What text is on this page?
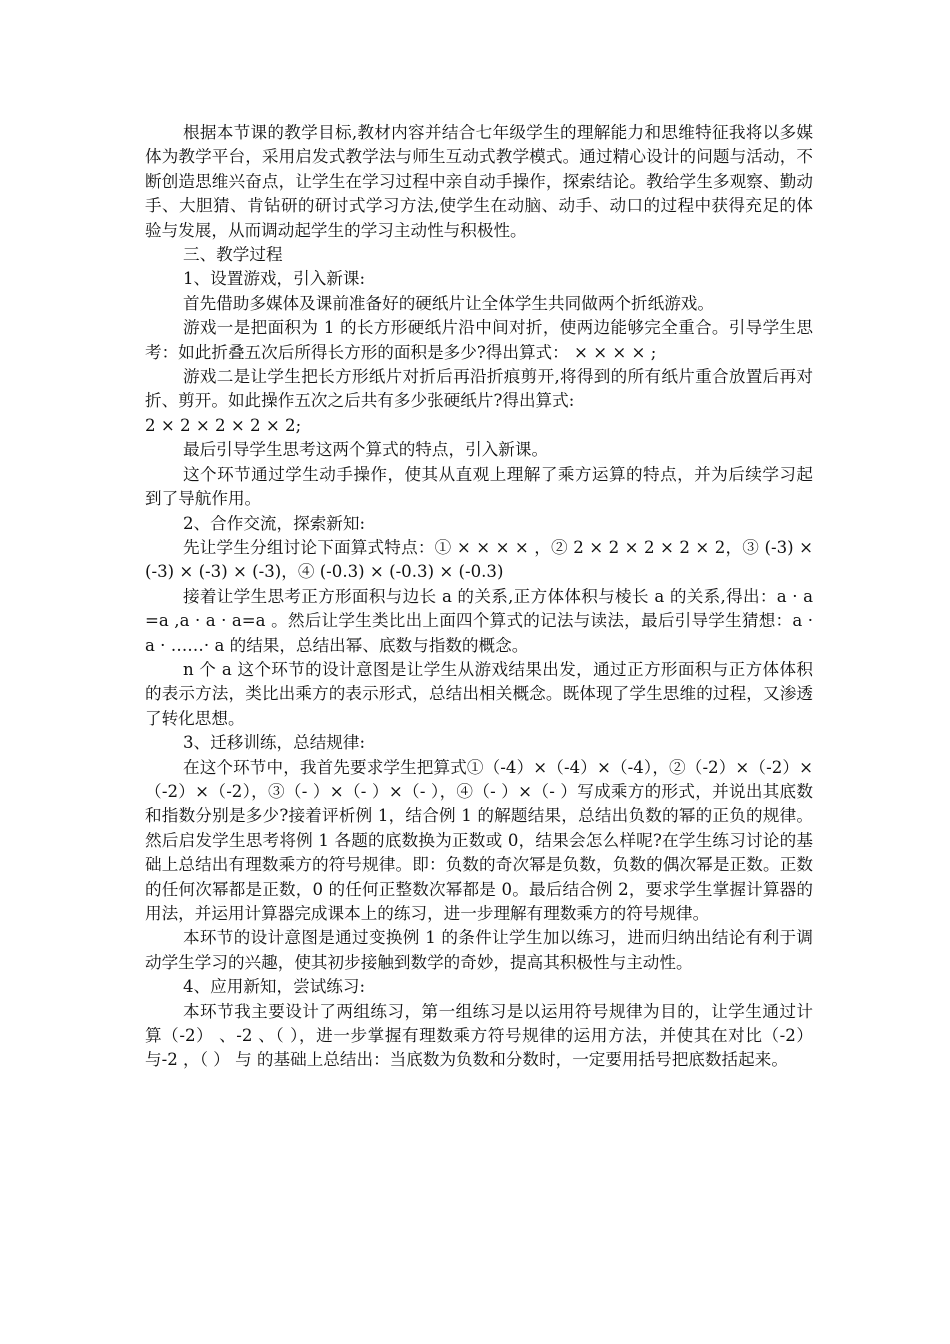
根据本节课的教学目标,教材内容并结合七年级学生的理解能力和思维特征我将以多媒体为教学平台，采用启发式教学法与师生互动式教学模式。通过精心设计的问题与活动，不断创造思维兴奋点，让学生在学习过程中亲自动手操作，探索结论。教给学生多观察、勤动手、大胆猜、肯钻研的研讨式学习方法,使学生在动脑、动手、动口的过程中获得充足的体验与发展，从而调动起学生的学习主动性与积极性。

三、教学过程

1、设置游戏，引入新课:

首先借助多媒体及课前准备好的硬纸片让全体学生共同做两个折纸游戏。

游戏一是把面积为 1 的长方形硬纸片沿中间对折，使两边能够完全重合。引导学生思考：如此折叠五次后所得长方形的面积是多少?得出算式： × × × × ;

游戏二是让学生把长方形纸片对折后再沿折痕剪开,将得到的所有纸片重合放置后再对折、剪开。如此操作五次之后共有多少张硬纸片?得出算式:

2 × 2 × 2 × 2 × 2;

最后引导学生思考这两个算式的特点，引入新课。

这个环节通过学生动手操作，使其从直观上理解了乘方运算的特点，并为后续学习起到了导航作用。

2、合作交流，探索新知:

先让学生分组讨论下面算式特点：① × × × × ，② 2 × 2 × 2 × 2 × 2，③ (-3) × (-3) × (-3) × (-3)，④ (-0.3) × (-0.3) × (-0.3)

接着让学生思考正方形面积与边长 a 的关系,正方体体积与棱长 a 的关系,得出：a · a=a ,a · a · a=a 。然后让学生类比出上面四个算式的记法与读法，最后引导学生猜想：a · a · ……· a 的结果，总结出幂、底数与指数的概念。

n 个 a 这个环节的设计意图是让学生从游戏结果出发，通过正方形面积与正方体体积的表示方法，类比出乘方的表示形式，总结出相关概念。既体现了学生思维的过程，又渗透了转化思想。

3、迁移训练，总结规律:

在这个环节中，我首先要求学生把算式①（-4）×（-4）×（-4），②（-2）×（-2）×（-2）×（-2），③（- ）×（- ）×（- ），④（- ）×（- ）写成乘方的形式，并说出其底数和指数分别是多少?接着评析例 1，结合例 1 的解题结果，总结出负数的幂的正负的规律。然后启发学生思考将例 1 各题的底数换为正数或 0，结果会怎么样呢?在学生练习讨论的基础上总结出有理数乘方的符号规律。即：负数的奇次幂是负数，负数的偶次幂是正数。正数的任何次幂都是正数，0 的任何正整数次幂都是 0。最后结合例 2，要求学生掌握计算器的用法，并运用计算器完成课本上的练习，进一步理解有理数乘方的符号规律。

本环节的设计意图是通过变换例 1 的条件让学生加以练习，进而归纳出结论有利于调动学生学习的兴趣，使其初步接触到数学的奇妙，提高其积极性与主动性。

4、应用新知，尝试练习:

本环节我主要设计了两组练习，第一组练习是以运用符号规律为目的，让学生通过计算（-2） 、-2 、（ ），进一步掌握有理数乘方符号规律的运用方法，并使其在对比（-2） 与-2 ，（ ） 与 的基础上总结出：当底数为负数和分数时，一定要用括号把底数括起来。
